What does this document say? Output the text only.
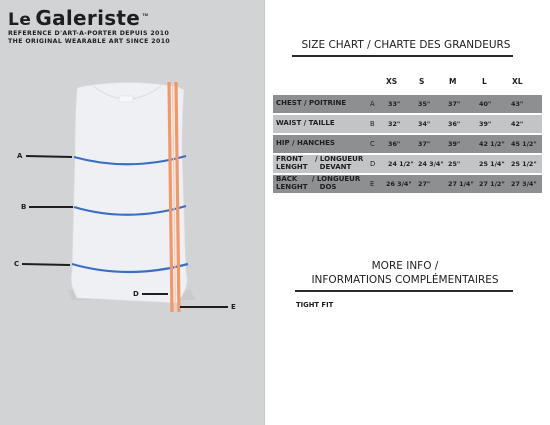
Le Galeriste TM
REFERENCE D'ART-A-PORTER DEPUIS 2010
THE ORIGINAL WEARABLE ART SINCE 2010
A
B
C
D
E
SIZE CHART / CHARTE DES GRANDEURS
XS	S	M	L	XL
CHEST / POITRINE	A 33"	35"	37"	40"	43"
WAIST / TAILLE	B 32"	34"	36"	39"	42"
HIP / HANCHES	C 36"	37"	39"	42 1/2" 45 1/2"
FRONT     / LONGUEUR
LENGHT     DEVANT	D 24 1/2" 24 3/4" 25"	25 1/4" 25 1/2"
BACK      / LONGUEUR
LENGHT     DOS	E 26 3/4" 27"	27 1/4" 27 1/2" 27 3/4"
MORE INFO /
INFORMATIONS COMPLÉMENTAIRES
TIGHT FIT
